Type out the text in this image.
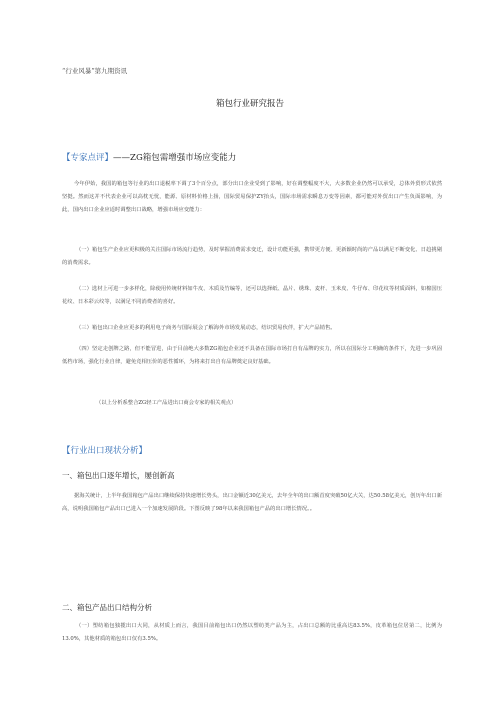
“行业风暴”第九期资讯
箱包行业研究报告
【专家点评】——ZG箱包需增强市场应变能力
今年伊始，我国的箱包等行业的出口退税率下调了3个百分点，部分出口企业受到了影响，好在调整幅度不大，大多数企业仍然可以承受，总体外贸形式依然坚挺。然而这并不代表企业可以高枕无忧，能源、原材料价格上扬，国际贸易保护ZY抬头，国际市场需求瞬息万变等因素，都可能对外贸出口产生负面影响，为此，国内出口企业应适时调整出口战略，增强市场应变能力：
（一）箱包生产企业应更积极的关注国际市场流行趋势，及时掌握消费需求变迁，设计功能更强，携带更方便、更新颖时尚的产品以满足不断变化、日趋挑剔的消费需求。
（二）选材上可进一步多样化，除使用传统材料如牛皮、木质及竹编等，还可以选择纸、晶片、绣珠、麦杆、玉米皮、牛仔布、印花纹等材质面料，如棉国压花纹、日本彩云纹等，以满足不同消费者的喜好。
（三）箱包出口企业应更多的利用电子商务与国际展会了解海外市场发展动态，结识贸易伙伴，扩大产品销售。
（四）坚定走创牌之路，但不能冒进，由于目前绝大多数ZG箱包企业还不具备在国际市场打自有品牌的实力，所以在国际分工明确的条件下，先进一步巩固低档市场，强化行业自律，避免竞相压价的恶性循环，为将来打出自有品牌奠定良好基础。
（以上分析系整合ZG轻工产品进出口商会专家的相关观点）
【行业出口现状分析】
一、箱包出口逐年增长，屡创新高
据海关统计，上半年我国箱包产品出口继续保持快速增长势头，出口金额近30亿美元，去年全年的出口额首度突破50亿大关，达50.58亿美元，创历年出口新高，说明我国箱包产品出口已进入一个加速发展阶段。下图反映了98年以来我国箱包产品的出口增长情况。。
二、箱包产品出口结构分析
（一）塑纺箱包独揽出口大同，从材质上而言，我国目前箱包出口仍然以塑纺类产品为主，占出口总额的比重高达83.5%，皮革箱包位居第二，比例为13.0%，其他材质的箱包出口仅有3.5%。
